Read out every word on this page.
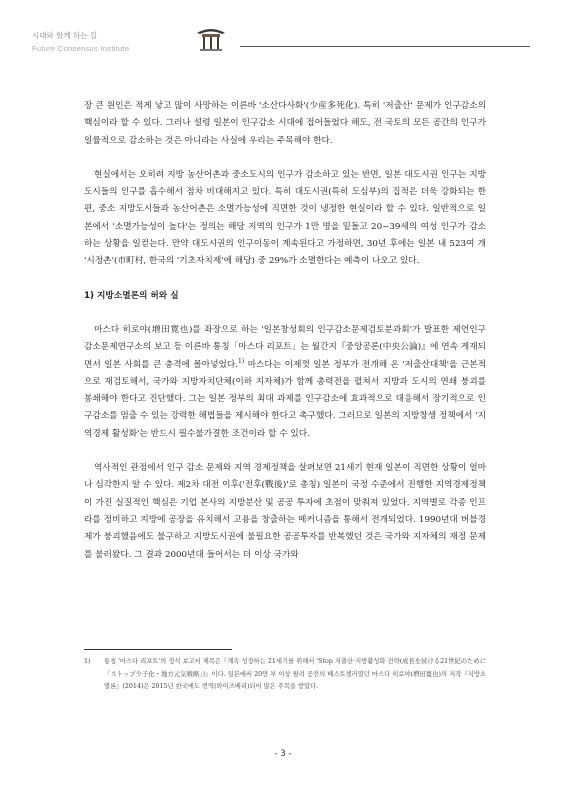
시대와 함께 하는 길
Future Consensus Institute

장 큰 원인은 적게 낳고 많이 사망하는 이른바 '소산다사화'(少産多死化). 특히 '저출산' 문제가 인구감소의 핵심이라 할 수 있다. 그러나 설령 일본이 인구감소 시대에 접어들었다 해도, 전 국토의 모든 공간의 인구가 일률적으로 감소하는 것은 아니라는 사실에 우리는 주목해야 한다.

현실에서는 오히려 지방 농산어촌과 중소도시의 인구가 감소하고 있는 반면, 일본 대도시권 인구는 지방 도시들의 인구를 흡수해서 점차 비대해지고 있다. 특히 대도시권(특히 도심부)의 집적은 더욱 강화되는 한편, 중소 지방도시들과 농산어촌은 소멸가능성에 직면한 것이 냉정한 현실이라 할 수 있다. 일반적으로 일본에서 '소멸가능성이 높다'는 정의는 해당 지역의 인구가 1만 명을 밑돌고 20~39세의 여성 인구가 감소하는 상황을 일컫는다. 만약 대도시권의 인구이동이 계속된다고 가정하면, 30년 후에는 일본 내 523여 개 '시정촌'(市町村, 한국의 '기초자치제'에 해당) 중 29%가 소멸한다는 예측이 나오고 있다.

1) 지방소멸론의 허와 실

마스다 히로야(増田寛也)를 좌장으로 하는 '일본창성회의 인구감소문제검토분과회'가 발표한 제언인구감소문제연구소의 보고 등 이른바 통칭「마스다 리포트」는 월간지『중앙공론(中央公論)』에 연속 게재되면서 일본 사회를 큰 충격에 몰아넣었다.$^{1)}$ 마스다는 이제껏 일본 정부가 전개해 온 '저출산대책'을 근본적으로 재검토해서, 국가와 지방자치단체(이하 지자체)가 함께 총력전을 펼쳐서 지방과 도시의 연쇄 붕괴를 봉쇄해야 한다고 진단했다. 그는 일본 정부의 최대 과제를 인구감소에 효과적으로 대응해서 장기적으로 인구감소를 멈출 수 있는 강력한 해법들을 제시해야 한다고 촉구했다. 그러므로 일본의 지방창생 정책에서 '지역경제 활성화'는 반드시 필수불가결한 조건이라 할 수 있다.

역사적인 관점에서 인구 감소 문제와 지역 경제정책을 살펴보면 21세기 현재 일본이 직면한 상황이 얼마나 심각한지 알 수 있다. 제2차 대전 이후('전후(戰後)'로 총칭) 일본이 국정 수준에서 진행한 지역경제정책이 가진 실질적인 핵심은 기업 본사의 지방분산 및 공공 투자에 초점이 맞춰져 있었다. 지역별로 각종 인프라를 정비하고 지방에 공장을 유치해서 고용을 창출하는 메커니즘을 통해서 전개되었다. 1990년대 버블경제가 붕괴했음에도 불구하고 지방도시권에 불필요한 공공투자를 반복했던 것은 국가와 지자체의 재정 문제를 불러왔다. 그 결과 2000년대 들어서는 더 이상 국가와

1) 통칭 '마스다 리포트'의 정식 보고서 제목은『계속 성장하는 21세기를 위해서 'Stop 저출산·지방활성화 전략(成長を続ける21世紀のために「ストップ少子化・地方元気戦略」)』이다. 일본에서 20만 부 이상 팔려 공전의 베스트셀러였던 마스다 히로야(増田寛也)의 저작『지방소멸론』(2014)은 2015년 한국에도 번역(와이즈베리)되어 많은 주목을 받았다.
- 3 -
